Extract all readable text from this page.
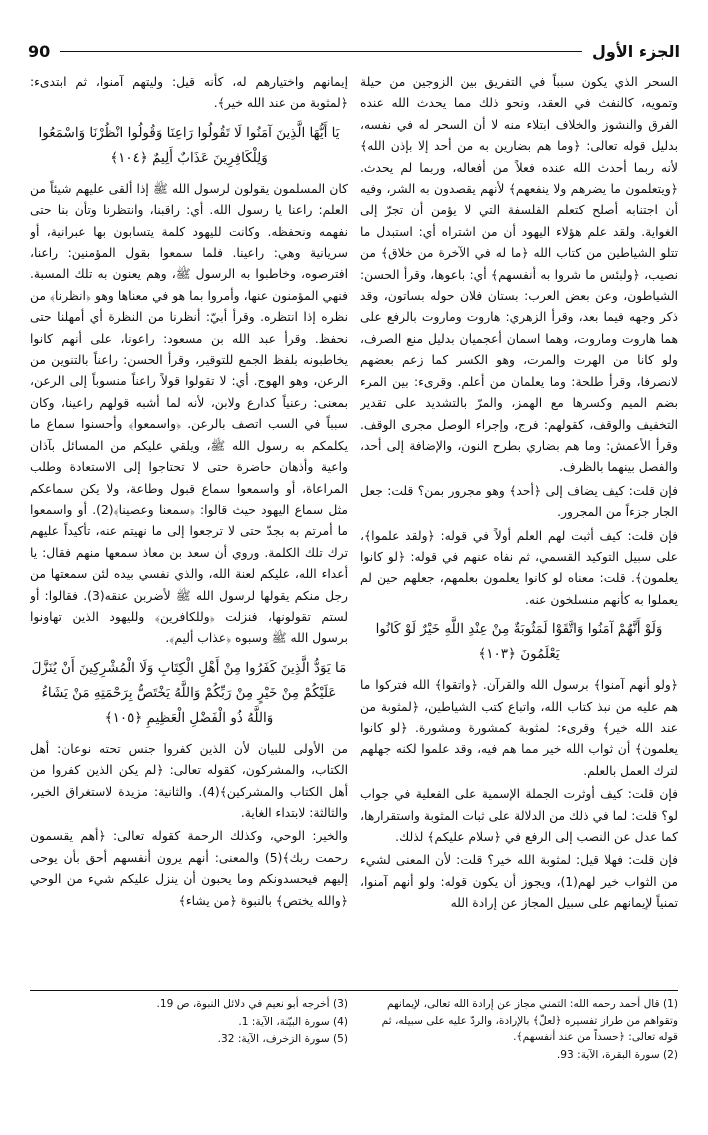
الجزء الأول
90

السحر الذي يكون سبباً في التفريق بين الزوجين من حيلة وتمويه، كالنفث في العقد، ونحو ذلك مما يحدث الله عنده الفرق والنشوز والخلاف ابتلاء منه لا أن السحر له في نفسه، بدليل قوله تعالى: ﴿وما هم بضارين به من أحد إلا بإذن الله﴾ لأنه ربما أحدث الله عنده فعلاً من أفعاله، وربما لم يحدث. ﴿ويتعلمون ما يضرهم ولا ينفعهم﴾ لأنهم يقصدون به الشر، وفيه أن اجتنابه أصلح كتعلم الفلسفة التي لا يؤمن أن تجرّ إلى الغواية. ولقد علم هؤلاء اليهود أن من اشتراه أي: استبدل ما تتلو الشياطين من كتاب الله ﴿ما له في الآخرة من خلاق﴾ من نصيب، ﴿ولبئس ما شروا به أنفسهم﴾ أي: باعوها، وقرأ الحسن: الشياطون، وعن بعض العرب: بستان فلان حوله بساتون، وقد ذكر وجهه فيما بعد، وقرأ الزهري: هاروت وماروت بالرفع على هما هاروت وماروت، وهما اسمان أعجميان بدليل منع الصرف، ولو كانا من الهرت والمرت، وهو الكسر كما زعم بعضهم لانصرفا، وقرأ طلحة: وما يعلمان من أعلم. وقرىء: بين المرء بضم الميم وكسرها مع الهمز، والمرّ بالتشديد على تقدير التخفيف والوقف، كقولهم: فرج، وإجراء الوصل مجرى الوقف. وقرأ الأعمش: وما هم بضاري بطرح النون، والإضافة إلى أحد، والفصل بينهما بالظرف.

فإن قلت: كيف يضاف إلى ﴿أحد﴾ وهو مجرور بمن؟ قلت: جعل الجار جزءاً من المجرور.

فإن قلت: كيف أثبت لهم العلم أولاً في قوله: ﴿ولقد علموا﴾، على سبيل التوكيد القسمي، ثم نفاه عنهم في قوله: ﴿لو كانوا يعلمون﴾. قلت: معناه لو كانوا يعلمون بعلمهم، جعلهم حين لم يعملوا به كأنهم منسلخون عنه.

وَلَوْ أَنَّهُمْ آمَنُوا وَاتَّقَوْا لَمَثُوبَةٌ مِنْ عِنْدِ اللَّهِ خَيْرٌ لَوْ كَانُوا يَعْلَمُونَ ﴿١٠٣﴾

﴿ولو أنهم آمنوا﴾ برسول الله والقرآن. ﴿واتقوا﴾ الله فتركوا ما هم عليه من نبذ كتاب الله، واتباع كتب الشياطين، ﴿لمثوبة من عند الله خير﴾ وقرىء: لمثوبة كمشورة ومشورة. ﴿لو كانوا يعلمون﴾ أن ثواب الله خير مما هم فيه، وقد علموا لكنه جهلهم لترك العمل بالعلم.

فإن قلت: كيف أوثرت الجملة الإسمية على الفعلية في جواب لو؟ قلت: لما في ذلك من الدلالة على ثبات المثوبة واستقرارها، كما عدل عن النصب إلى الرفع في ﴿سلام عليكم﴾ لذلك.

فإن قلت: فهلا قيل: لمثوبة الله خير؟ قلت: لأن المعنى لشيء من الثواب خير لهم(1)، ويجوز أن يكون قوله: ولو أنهم آمنوا، تمنياً لإيمانهم على سبيل المجاز عن إرادة الله

إيمانهم واختيارهم له، كأنه قيل: وليتهم آمنوا، ثم ابتدىء: ﴿لمثوبة من عند الله خير﴾.

يَا أَيُّهَا الَّذِينَ آمَنُوا لَا تَقُولُوا رَاعِنَا وَقُولُوا انْظُرْنَا وَاسْمَعُوا وَلِلْكَافِرِينَ عَذَابٌ أَلِيمٌ ﴿١٠٤﴾

كان المسلمون يقولون لرسول الله ﷺ إذا ألقى عليهم شيئاً من العلم: راعنا يا رسول الله. أي: راقبنا، وانتظرنا وتأن بنا حتى نفهمه ونحفظه. وكانت لليهود كلمة يتسابون بها عبرانية، أو سريانية وهي: راعينا. فلما سمعوا بقول المؤمنين: راعنا، افترصوه، وخاطبوا به الرسول ﷺ، وهم يعنون به تلك المسبة. فنهي المؤمنون عنها، وأمروا بما هو في معناها وهو ﴿انظرنا﴾ من نظره إذا انتظره. وقرأ أبيّ: أنظرنا من النظرة أي أمهلنا حتى نحفظ. وقرأ عبد الله بن مسعود: راعونا، على أنهم كانوا يخاطبونه بلفظ الجمع للتوقير، وقرأ الحسن: راعناً بالتنوين من الرعن، وهو الهوج. أي: لا تقولوا قولاً راعناً منسوباً إلى الرعن، بمعنى: رعنياً كدارع ولابن، لأنه لما أشبه قولهم راعينا، وكان سبباً في السب اتصف بالرعن. ﴿واسمعوا﴾ وأحسنوا سماع ما يكلمكم به رسول الله ﷺ، ويلقي عليكم من المسائل بآذان واعية وأذهان حاضرة حتى لا تحتاجوا إلى الاستعادة وطلب المراعاة، أو واسمعوا سماع قبول وطاعة، ولا يكن سماعكم مثل سماع اليهود حيث قالوا: ﴿سمعنا وعصينا﴾(2). أو واسمعوا ما أمرتم به بجدّ حتى لا ترجعوا إلى ما نهيتم عنه، تأكيداً عليهم ترك تلك الكلمة. وروي أن سعد بن معاذ سمعها منهم فقال: يا أعداء الله، عليكم لعنة الله، والذي نفسي بيده لئن سمعتها من رجل منكم يقولها لرسول الله ﷺ لأضربن عنقه(3). فقالوا: أو لستم تقولونها، فنزلت ﴿وللكافرين﴾ ولليهود الذين تهاونوا برسول الله ﷺ وسبوه ﴿عذاب أليم﴾.

مَا يَوَدُّ الَّذِينَ كَفَرُوا مِنْ أَهْلِ الْكِتَابِ وَلَا الْمُشْرِكِينَ أَنْ يُنَزَّلَ عَلَيْكُمْ مِنْ خَيْرٍ مِنْ رَبِّكُمْ وَاللَّهُ يَخْتَصُّ بِرَحْمَتِهِ مَنْ يَشَاءُ وَاللَّهُ ذُو الْفَضْلِ الْعَظِيمِ ﴿١٠٥﴾

من الأولى للبيان لأن الذين كفروا جنس تحته نوعان: أهل الكتاب، والمشركون، كقوله تعالى: ﴿لم يكن الذين كفروا من أهل الكتاب والمشركين﴾(4). والثانية: مزيدة لاستغراق الخير، والثالثة: لابتداء الغاية.

والخير: الوحي، وكذلك الرحمة كقوله تعالى: ﴿أهم يقسمون رحمت ربك﴾(5) والمعنى: أنهم يرون أنفسهم أحق بأن يوحى إليهم فيحسدونكم وما يحبون أن ينزل عليكم شيء من الوحي ﴿والله يختص﴾ بالنبوة ﴿من يشاء﴾

(1) قال أحمد رحمه الله: التمني مجاز عن إرادة الله تعالى، لإيمانهم وتقواهم من طراز تفسيره ﴿لعلّ﴾ بالإرادة، والردّ عليه على سبيله، ثم قوله تعالى: ﴿حسداً من عند أنفسهم﴾.
(2) سورة البقرة، الآية: 93.
(3) أخرجه أبو نعيم في دلائل النبوة، ص 19.
(4) سورة البيّنة، الآية: 1.
(5) سورة الزخرف، الآية: 32.
